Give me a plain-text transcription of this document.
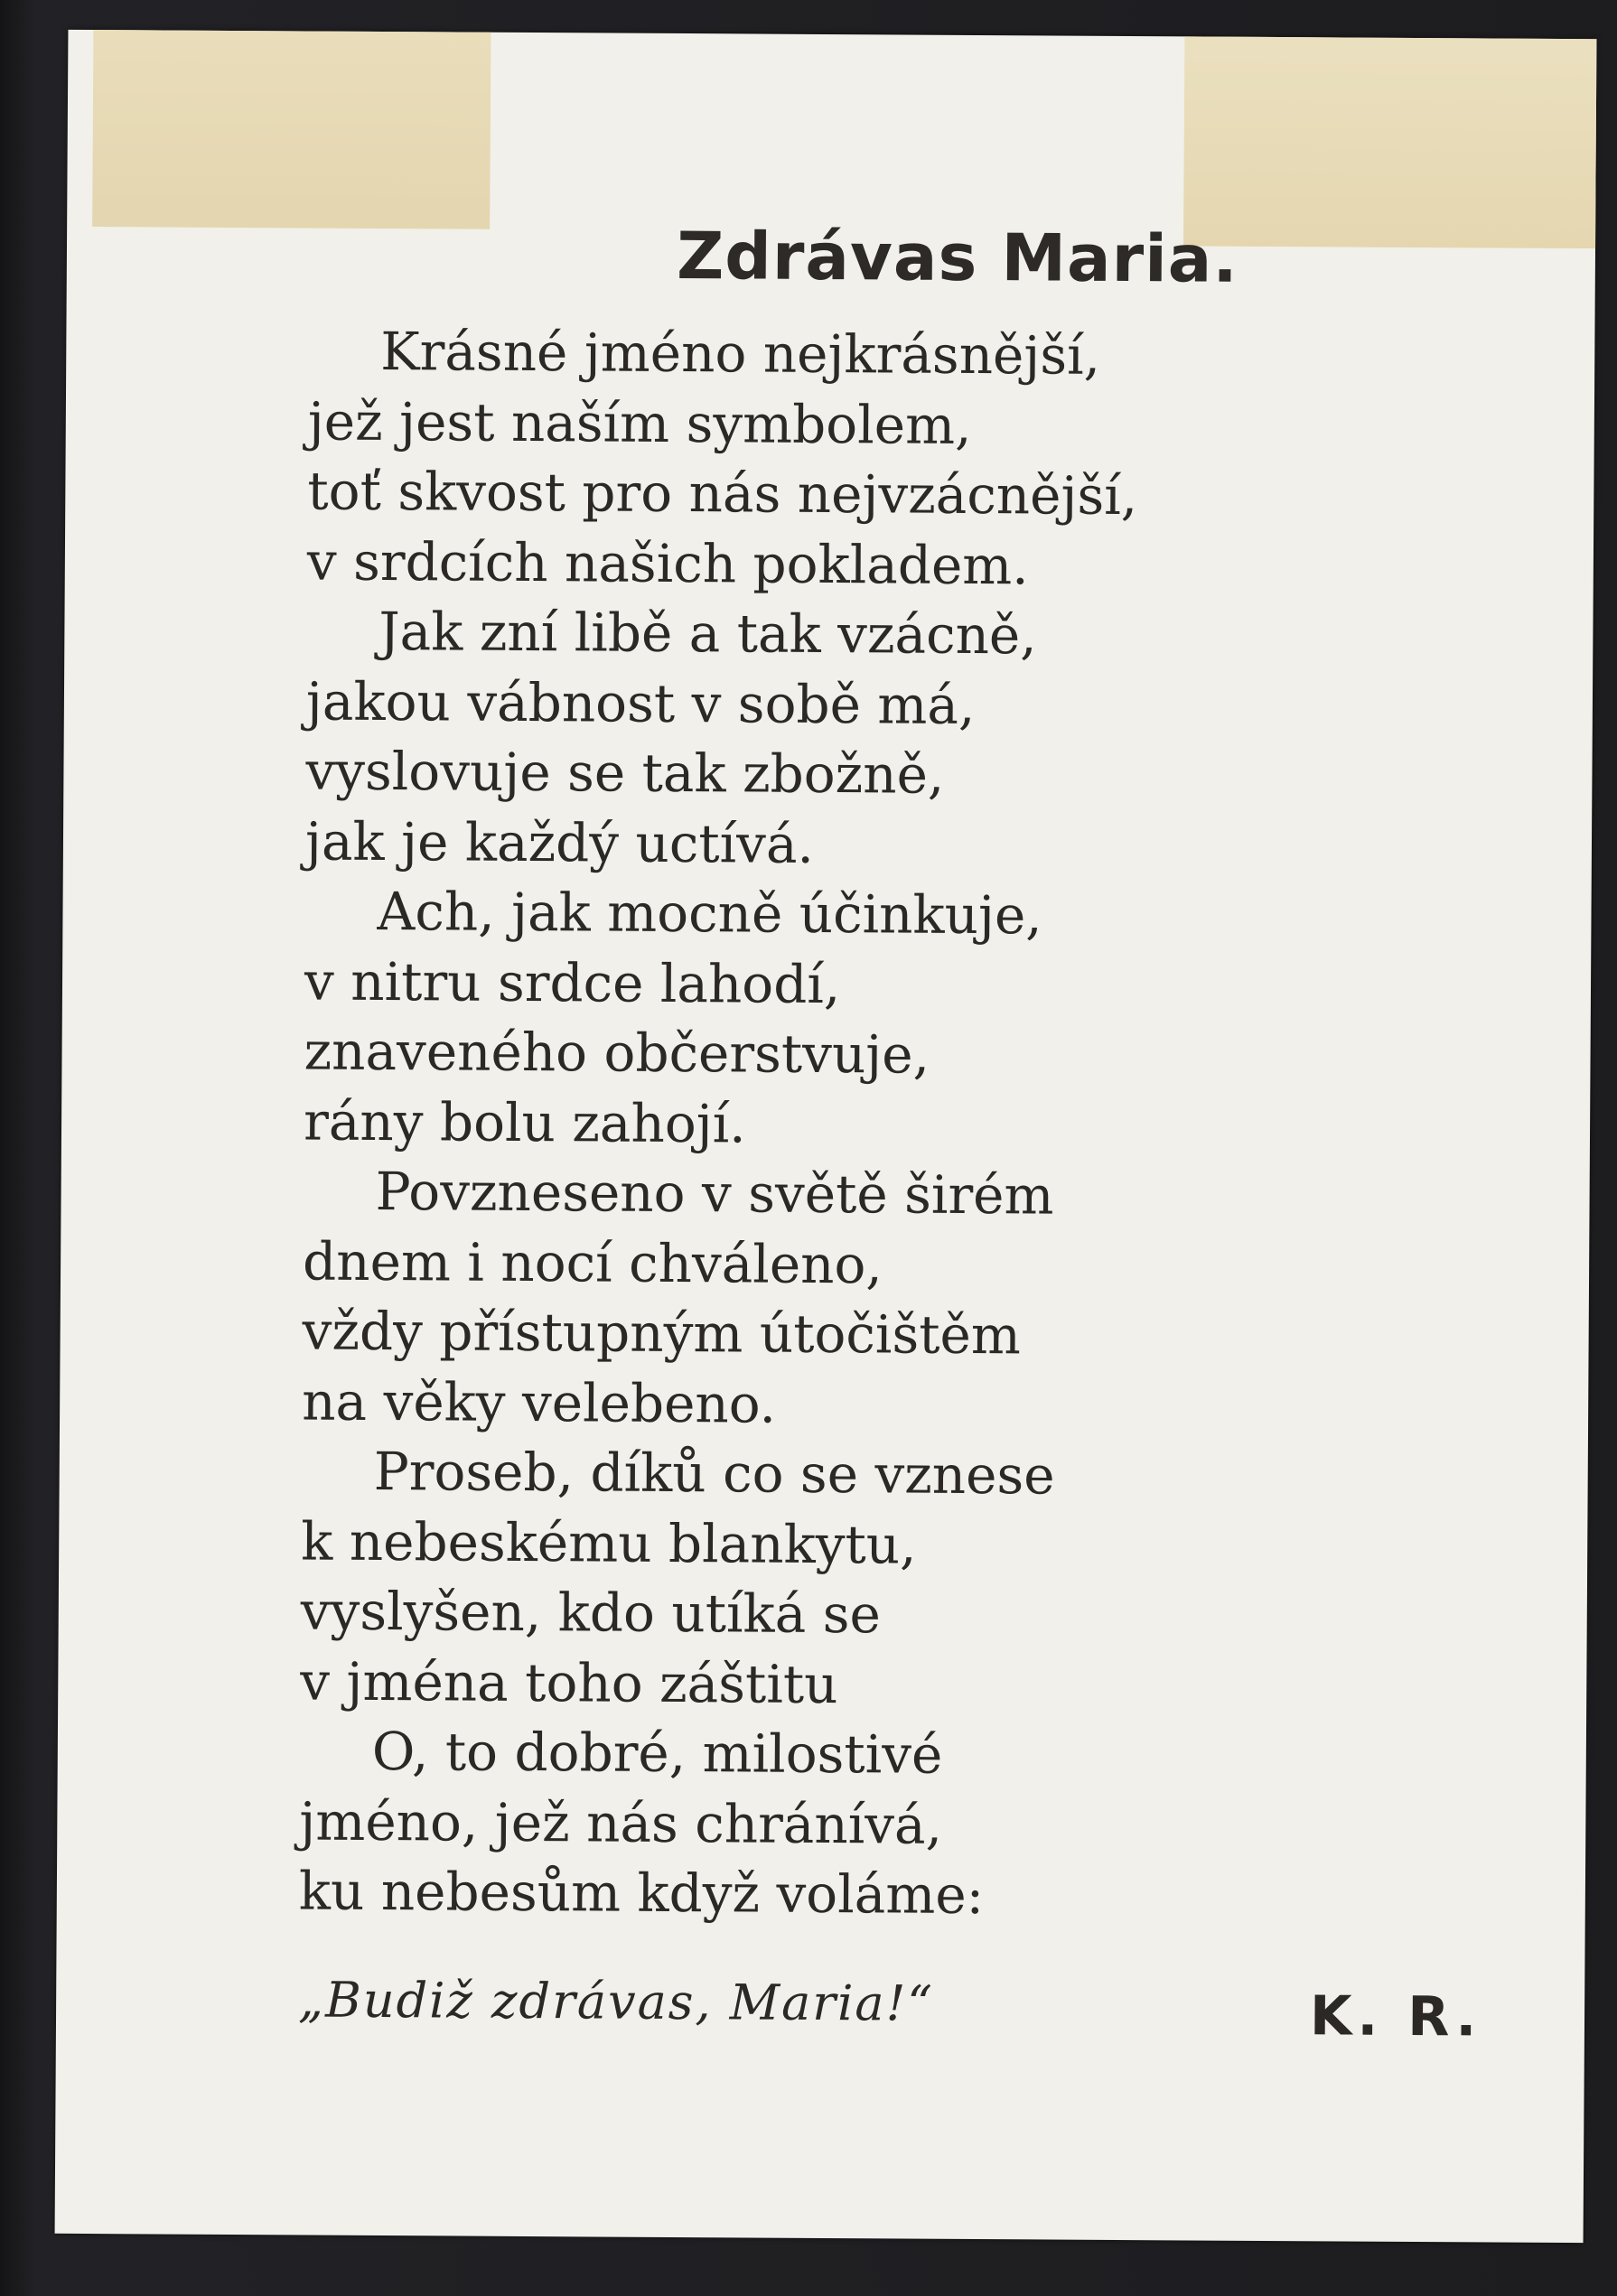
Zdrávas Maria.
Krásné jméno nejkrásnější,
jež jest naším symbolem,
toť skvost pro nás nejvzácnější,
v srdcích našich pokladem.
Jak zní libě a tak vzácně,
jakou vábnost v sobě má,
vyslovuje se tak zbožně,
jak je každý uctívá.
Ach, jak mocně účinkuje,
v nitru srdce lahodí,
znaveného občerstvuje,
rány bolu zahojí.
Povzneseno v světě širém
dnem i nocí chváleno,
vždy přístupným útočištěm
na věky velebeno.
Proseb, díků co se vznese
k nebeskému blankytu,
vyslyšen, kdo utíká se
v jména toho záštitu
O, to dobré, milostivé
jméno, jež nás chránívá,
ku nebesům když voláme:
„Budiž zdrávas, Maria!“	K. R.
